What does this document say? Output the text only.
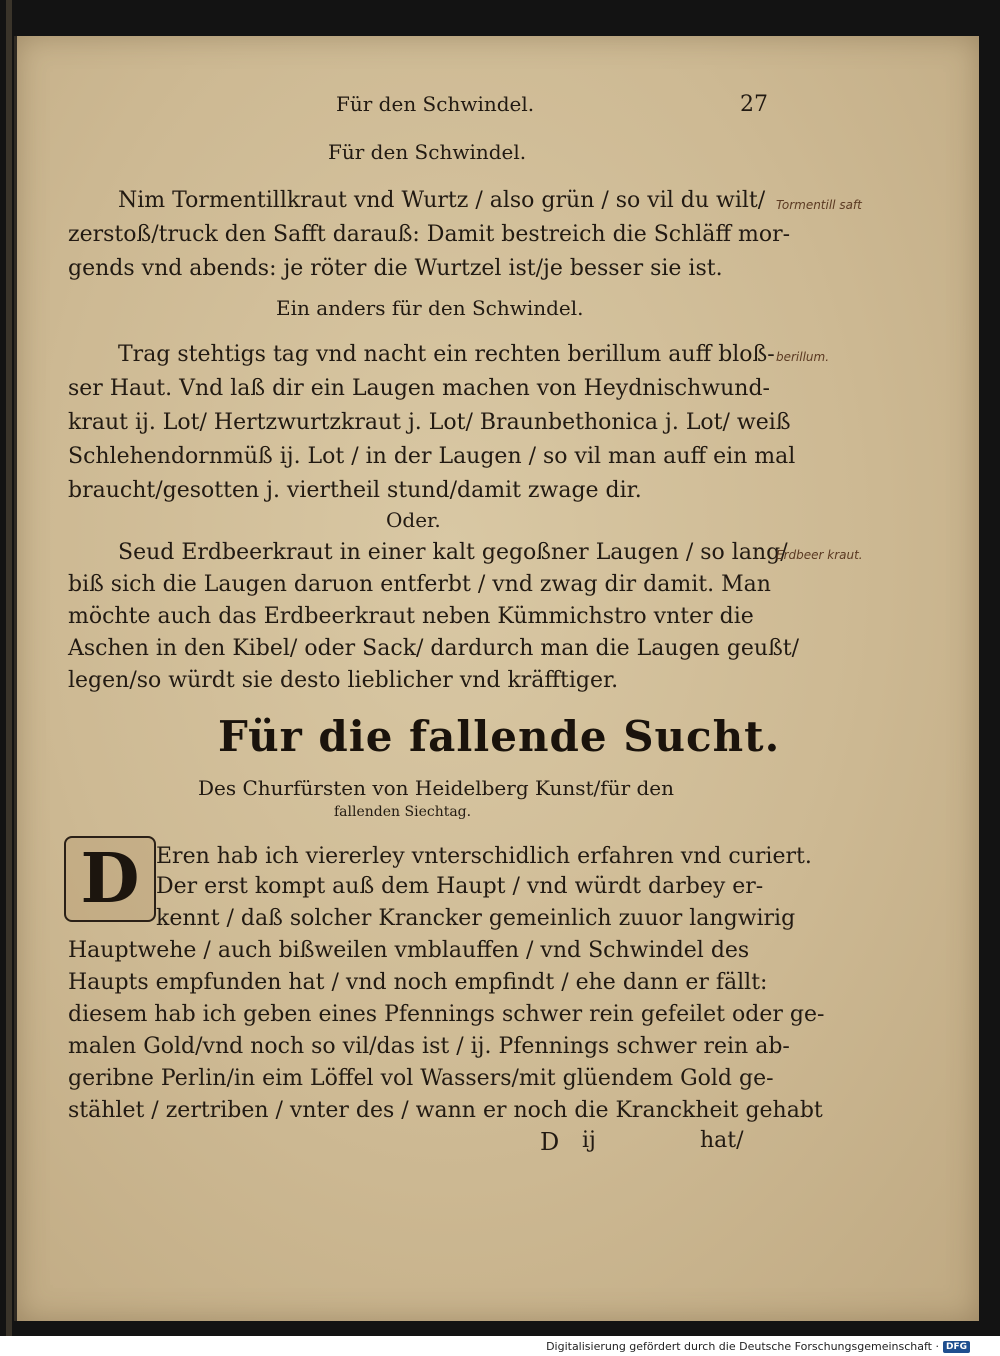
Für den Schwindel.	27
Für den Schwindel.
Nim Tormentillkraut vnd Wurtz / also grün / so vil du wilt/
zerstoß/truck den Safft darauß: Damit bestreich die Schläff mor-
gends vnd abends: je röter die Wurtzel ist/je besser sie ist.
Ein anders für den Schwindel.
Trag stehtigs tag vnd nacht ein rechten berillum auff bloß-
ser Haut. Vnd laß dir ein Laugen machen von Heydnischwund-
kraut ij. Lot/ Hertzwurtzkraut j. Lot/ Braunbethonica j. Lot/ weiß
Schlehendornmüß ij. Lot / in der Laugen / so vil man auff ein mal
braucht/gesotten j. viertheil stund/damit zwage dir.
Oder.
Seud Erdbeerkraut in einer kalt gegoßner Laugen / so lang/
biß sich die Laugen daruon entferbt / vnd zwag dir damit. Man
möchte auch das Erdbeerkraut neben Kümmichstro vnter die
Aschen in den Kibel/ oder Sack/ dardurch man die Laugen geußt/
legen/so würdt sie desto lieblicher vnd kräfftiger.
Für die fallende Sucht.
Des Churfürsten von Heidelberg Kunst/für den
fallenden Siechtag.
D Eren hab ich viererley vnterschidlich erfahren vnd curiert.
Der erst kompt auß dem Haupt / vnd würdt darbey er-
kennt / daß solcher Krancker gemeinlich zuuor langwirig
Hauptwehe / auch bißweilen vmblauffen / vnd Schwindel des
Haupts empfunden hat / vnd noch empfindt / ehe dann er fällt:
diesem hab ich geben eines Pfennings schwer rein gefeilet oder ge-
malen Gold/vnd noch so vil/das ist / ij. Pfennings schwer rein ab-
geribne Perlin/in eim Löffel vol Wassers/mit glüendem Gold ge-
stählet / zertriben / vnter des / wann er noch die Kranckheit gehabt
D ij	hat/
Tormentill saft
berillum.
Erdbeer kraut.
Digitalisierung gefördert durch die Deutsche Forschungsgemeinschaft · DFG
